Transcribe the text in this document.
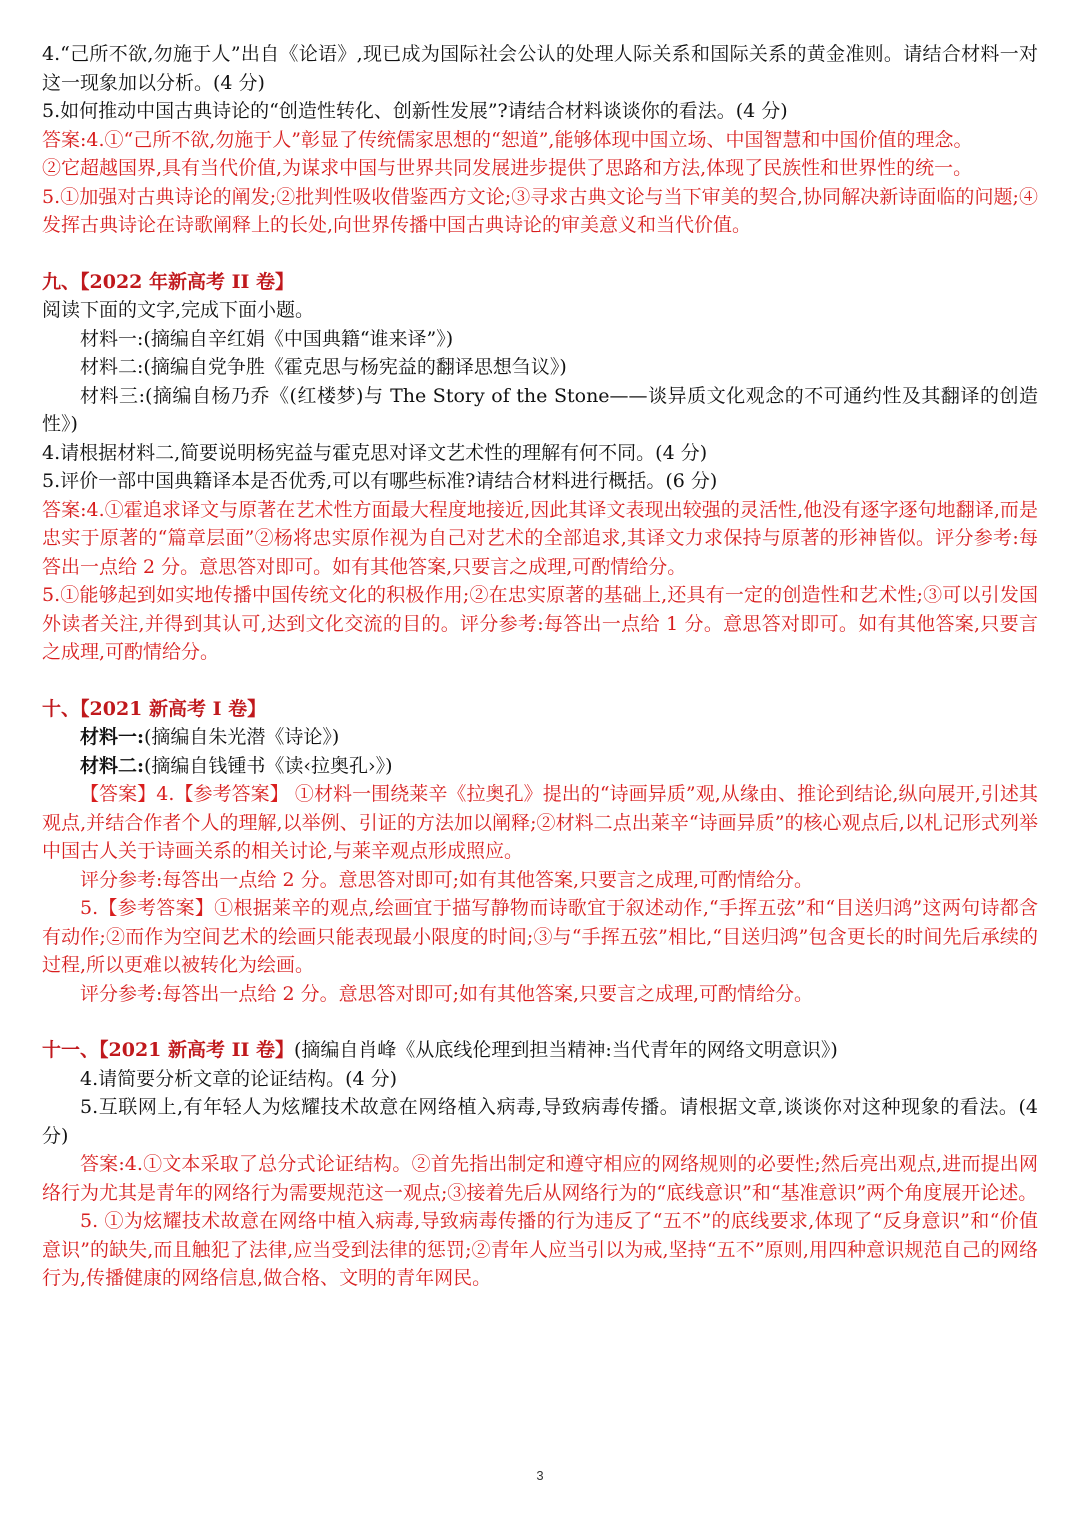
4.“己所不欲,勿施于人”出自《论语》,现已成为国际社会公认的处理人际关系和国际关系的黄金准则。请结合材料一对这一现象加以分析。(4 分)

5.如何推动中国古典诗论的“创造性转化、创新性发展”?请结合材料谈谈你的看法。(4 分)

答案:4.①“己所不欲,勿施于人”彰显了传统儒家思想的“恕道”,能够体现中国立场、中国智慧和中国价值的理念。

②它超越国界,具有当代价值,为谋求中国与世界共同发展进步提供了思路和方法,体现了民族性和世界性的统一。

5.①加强对古典诗论的阐发;②批判性吸收借鉴西方文论;③寻求古典文论与当下审美的契合,协同解决新诗面临的问题;④发挥古典诗论在诗歌阐释上的长处,向世界传播中国古典诗论的审美意义和当代价值。

九、【2022 年新高考 II 卷】

阅读下面的文字,完成下面小题。

材料一:(摘编自辛红娟《中国典籍“谁来译”》)

材料二:(摘编自党争胜《霍克思与杨宪益的翻译思想刍议》)

材料三:(摘编自杨乃乔《(红楼梦)与 The Story of the Stone——谈异质文化观念的不可通约性及其翻译的创造性》)

4.请根据材料二,简要说明杨宪益与霍克思对译文艺术性的理解有何不同。(4 分)

5.评价一部中国典籍译本是否优秀,可以有哪些标准?请结合材料进行概括。(6 分)

答案:4.①霍追求译文与原著在艺术性方面最大程度地接近,因此其译文表现出较强的灵活性,他没有逐字逐句地翻译,而是忠实于原著的“篇章层面”②杨将忠实原作视为自己对艺术的全部追求,其译文力求保持与原著的形神皆似。评分参考:每答出一点给 2 分。意思答对即可。如有其他答案,只要言之成理,可酌情给分。

5.①能够起到如实地传播中国传统文化的积极作用;②在忠实原著的基础上,还具有一定的创造性和艺术性;③可以引发国外读者关注,并得到其认可,达到文化交流的目的。评分参考:每答出一点给 1 分。意思答对即可。如有其他答案,只要言之成理,可酌情给分。

十、【2021 新高考 I 卷】

材料一:(摘编自朱光潜《诗论》)

材料二:(摘编自钱锺书《读‹拉奥孔›》)

【答案】4.【参考答案】 ①材料一围绕莱辛《拉奥孔》提出的“诗画异质”观,从缘由、推论到结论,纵向展开,引述其观点,并结合作者个人的理解,以举例、引证的方法加以阐释;②材料二点出莱辛“诗画异质”的核心观点后,以札记形式列举中国古人关于诗画关系的相关讨论,与莱辛观点形成照应。

评分参考:每答出一点给 2 分。意思答对即可;如有其他答案,只要言之成理,可酌情给分。

5.【参考答案】①根据莱辛的观点,绘画宜于描写静物而诗歌宜于叙述动作,“手挥五弦”和“目送归鸿”这两句诗都含有动作;②而作为空间艺术的绘画只能表现最小限度的时间;③与“手挥五弦”相比,“目送归鸿”包含更长的时间先后承续的过程,所以更难以被转化为绘画。

评分参考:每答出一点给 2 分。意思答对即可;如有其他答案,只要言之成理,可酌情给分。

十一、【2021 新高考 II 卷】(摘编自肖峰《从底线伦理到担当精神:当代青年的网络文明意识》)

4.请简要分析文章的论证结构。(4 分)

5.互联网上,有年轻人为炫耀技术故意在网络植入病毒,导致病毒传播。请根据文章,谈谈你对这种现象的看法。(4 分)

答案:4.①文本采取了总分式论证结构。②首先指出制定和遵守相应的网络规则的必要性;然后亮出观点,进而提出网络行为尤其是青年的网络行为需要规范这一观点;③接着先后从网络行为的“底线意识”和“基准意识”两个角度展开论述。

5. ①为炫耀技术故意在网络中植入病毒,导致病毒传播的行为违反了“五不”的底线要求,体现了“反身意识”和“价值意识”的缺失,而且触犯了法律,应当受到法律的惩罚;②青年人应当引以为戒,坚持“五不”原则,用四种意识规范自己的网络行为,传播健康的网络信息,做合格、文明的青年网民。

3
